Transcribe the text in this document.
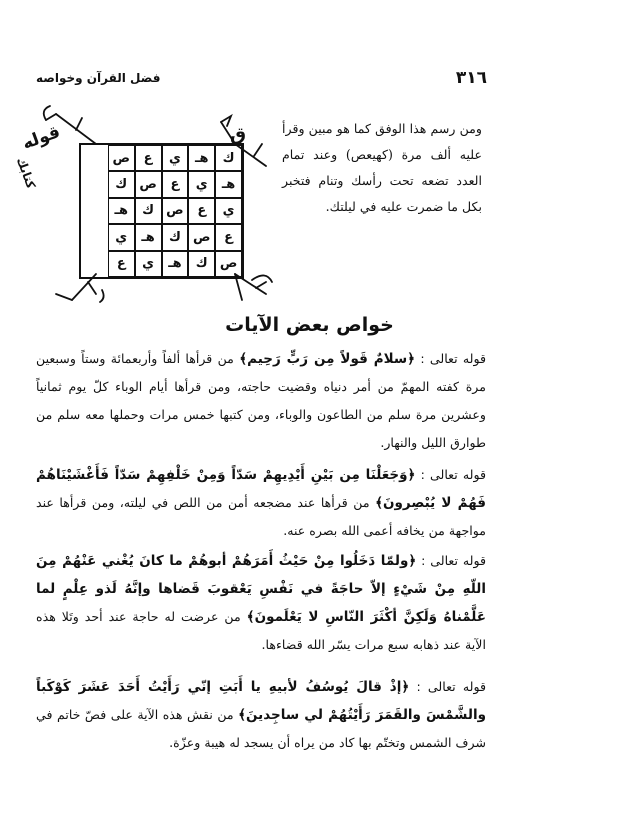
٣١٦
فضل القرآن وخواصه
قوله	ق
كتابك	ك
هـ
ي
ع
ص
هـ
ي
ع
ص
ك
ي
ع
ص
ك
هـ
ع
ص
ك
هـ
ي
ص
ك
هـ
ي
ع

ومن رسم هذا الوفق كما هو مبين وقرأ عليه ألف مرة (كهيعص) وعند تمام العدد تضعه تحت رأسك وتنام فتخبر بكل ما ضمرت عليه في ليلتك.

خواص بعض الآيات

قوله تعالى : ﴿سلامٌ قَولاً مِن رَبٍّ رَحِيم﴾ من قرأها ألفاً وأربعمائة وستاً وسبعين مرة كفته المهمّ من أمر دنياه وقضيت حاجته، ومن قرأها أيام الوباء كلّ يوم ثمانياً وعشرين مرة سلم من الطاعون والوباء، ومن كتبها خمس مرات وحملها معه سلم من طوارق الليل والنهار.

قوله تعالى : ﴿وَجَعَلْنَا مِن بَيْنِ أَيْدِيهِمْ سَدّاً وَمِنْ خَلْفِهِمْ سَدّاً فَأَغْشَيْنَاهُمْ فَهُمْ لا يُبْصِرونَ﴾ من قرأها عند مضجعه أمن من اللص في ليلته، ومن قرأها عند مواجهة من يخافه أعمى الله بصره عنه.

قوله تعالى : ﴿ولمّا دَخَلُوا مِنْ حَيْثُ أَمَرَهُمْ أبوهُمْ ما كانَ يُغْني عَنْهُمْ مِنَ اللّهِ مِنْ شَيْءٍ إلاّ حاجَةً في نَفْسِ يَعْقوبَ قَضاها وإنَّهُ لَذو عِلْمٍ لما عَلَّمْناهُ وَلَكِنَّ أكْثَرَ النّاسِ لا يَعْلَمونَ﴾ من عرضت له حاجة عند أحد وتَلا هذه الآية عند ذهابه سبع مرات يسّر الله قضاءها.

قوله تعالى : ﴿إذْ قالَ يُوسُفُ لأبيهِ يا أَبَتِ إنّي رَأَيْتُ أَحَدَ عَشَرَ كَوْكَباً والشَّمْسَ والقَمَرَ رَأَيْتُهُمْ لي ساجِدينَ﴾ من نقش هذه الآية على فصّ خاتم في شرف الشمس وتختّم بها كاد من يراه أن يسجد له هيبة وعزّة.
